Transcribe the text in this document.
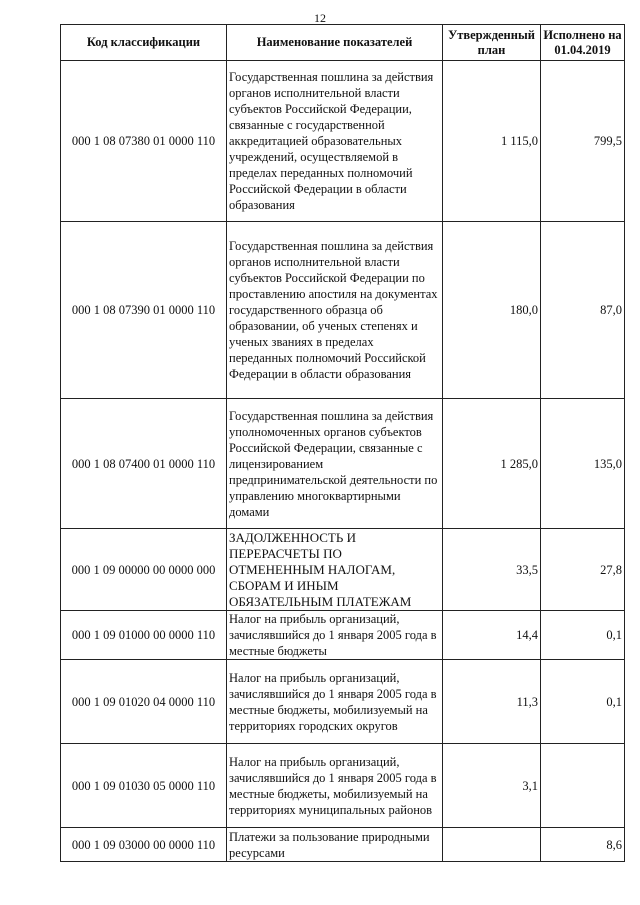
12
Код классификации	Наименование показателей	Утвержденный план	Исполнено на 01.04.2019
000 1 08 07380 01 0000 110	Государственная пошлина за действия органов исполнительной власти субъектов Российской Федерации, связанные с государственной аккредитацией образовательных учреждений, осуществляемой в пределах переданных полномочий Российской Федерации в области образования	1 115,0	799,5
000 1 08 07390 01 0000 110	Государственная пошлина за действия органов исполнительной власти субъектов Российской Федерации по проставлению апостиля на документах государственного образца об образовании, об ученых степенях и ученых званиях в пределах переданных полномочий Российской Федерации в области образования	180,0	87,0
000 1 08 07400 01 0000 110	Государственная пошлина за действия уполномоченных органов субъектов Российской Федерации, связанные с лицензированием предпринимательской деятельности по управлению многоквартирными домами	1 285,0	135,0
000 1 09 00000 00 0000 000	ЗАДОЛЖЕННОСТЬ И ПЕРЕРАСЧЕТЫ ПО ОТМЕНЕННЫМ НАЛОГАМ, СБОРАМ И ИНЫМ ОБЯЗАТЕЛЬНЫМ ПЛАТЕЖАМ	33,5	27,8
000 1 09 01000 00 0000 110	Налог на прибыль организаций, зачислявшийся до 1 января 2005 года в местные бюджеты	14,4	0,1
000 1 09 01020 04 0000 110	Налог на прибыль организаций, зачислявшийся до 1 января 2005 года в местные бюджеты, мобилизуемый на территориях городских округов	11,3	0,1
000 1 09 01030 05 0000 110	Налог на прибыль организаций, зачислявшийся до 1 января 2005 года в местные бюджеты, мобилизуемый на территориях муниципальных районов	3,1	
000 1 09 03000 00 0000 110	Платежи за пользование природными ресурсами		8,6
